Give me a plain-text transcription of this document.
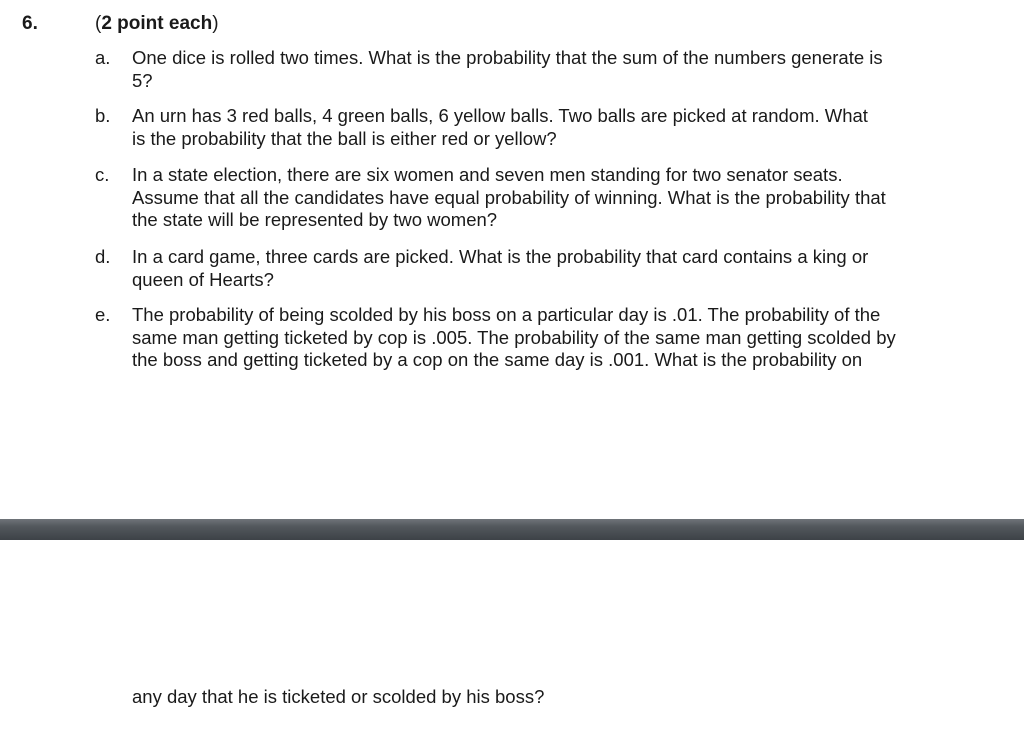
6.	(2 point each)
a.	One dice is rolled two times. What is the probability that the sum of the numbers generate is
5?
b.	An urn has 3 red balls, 4 green balls, 6 yellow balls. Two balls are picked at random. What
is the probability that the ball is either red or yellow?
c.	In a state election, there are six women and seven men standing for two senator seats.
Assume that all the candidates have equal probability of winning. What is the probability that
the state will be represented by two women?
d.	In a card game, three cards are picked. What is the probability that card contains a king or
queen of Hearts?
e.	The probability of being scolded by his boss on a particular day is .01. The probability of the
same man getting ticketed by cop is .005. The probability of the same man getting scolded by
the boss and getting ticketed by a cop on the same day is .001. What is the probability on
any day that he is ticketed or scolded by his boss?
